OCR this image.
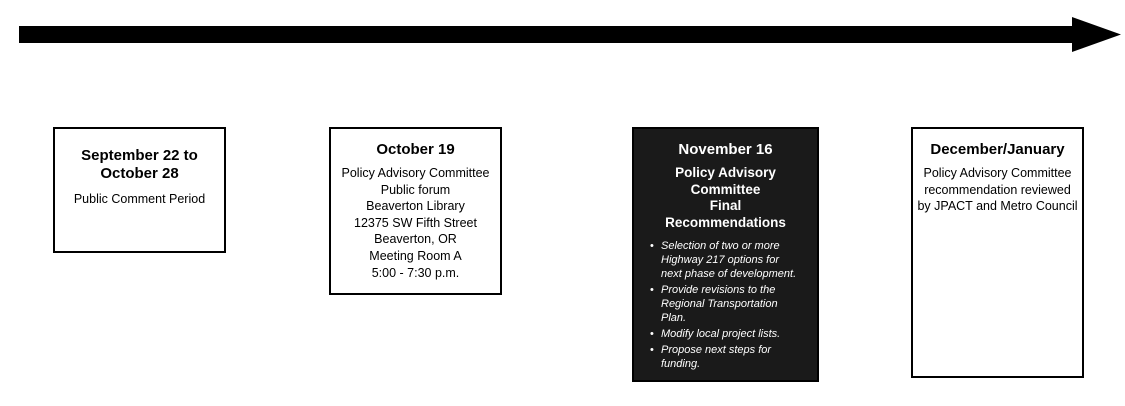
September 22 to
October 28

Public Comment Period

October 19

Policy Advisory Committee

Public forum

Beaverton Library

12375 SW Fifth Street

Beaverton, OR

Meeting Room A

5:00 - 7:30 p.m.

November 16

Policy Advisory
Committee
Final
Recommendations

• Selection of two or more
Highway 217 options for
next phase of development.
• Provide revisions to the
Regional Transportation
Plan.
• Modify local project lists.
• Propose next steps for
funding.

December/January

Policy Advisory Committee

recommendation reviewed

by JPACT and Metro Council
